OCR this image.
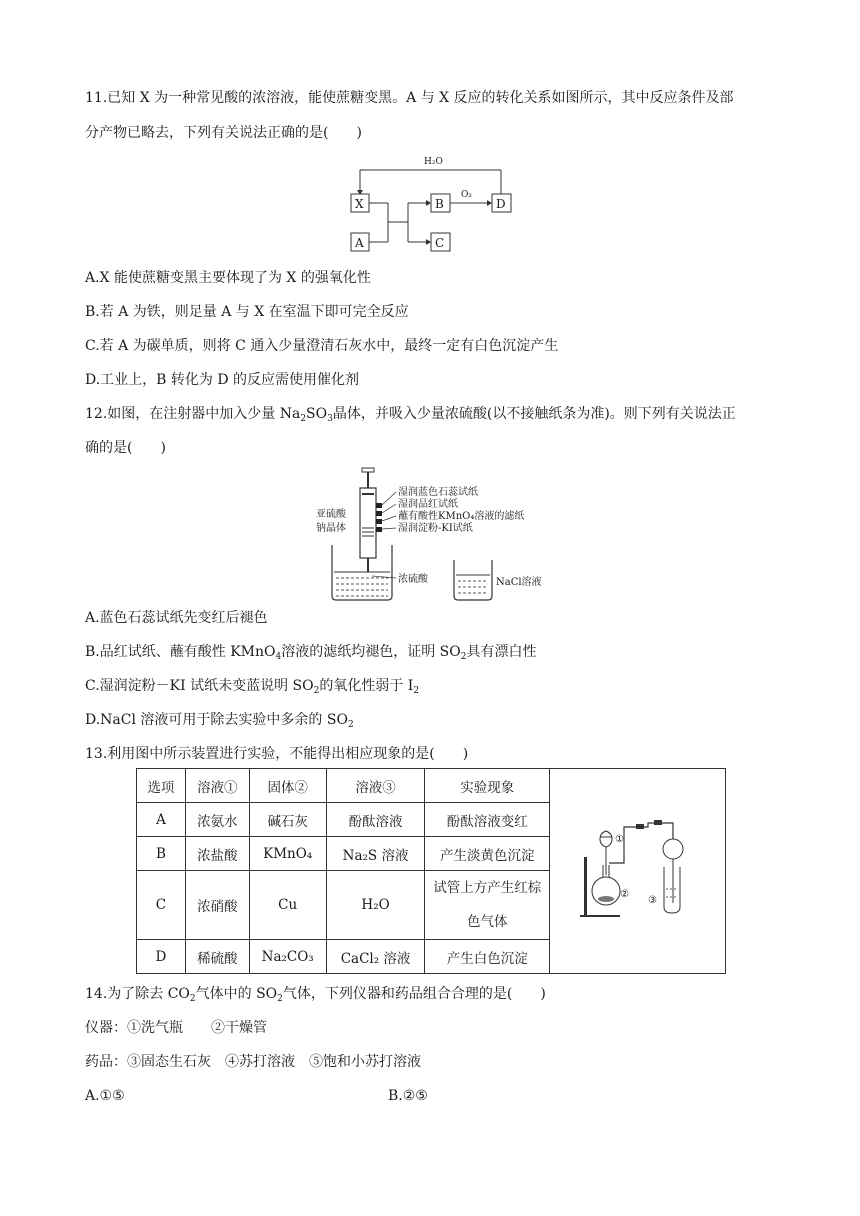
11.已知 X 为一种常见酸的浓溶液，能使蔗糖变黑。A 与 X 反应的转化关系如图所示，其中反应条件及部
分产物已略去，下列有关说法正确的是(　　)
H₂O
X
A
B
C
O₂
D
A.X 能使蔗糖变黑主要体现了为 X 的强氧化性
B.若 A 为铁，则足量 A 与 X 在室温下即可完全反应
C.若 A 为碳单质，则将 C 通入少量澄清石灰水中，最终一定有白色沉淀产生
D.工业上，B 转化为 D 的反应需使用催化剂
12.如图，在注射器中加入少量 $Na_2SO_3$晶体，并吸入少量浓硫酸(以不接触纸条为准)。则下列有关说法正
确的是(　　)
亚硫酸
钠晶体
湿润蓝色石蕊试纸
湿润品红试纸
蘸有酸性KMnO₄溶液的滤纸
湿润淀粉-KI试纸
浓硫酸	NaCl溶液
A.蓝色石蕊试纸先变红后褪色
B.品红试纸、蘸有酸性 KMnO$_4$溶液的滤纸均褪色，证明 $SO_2$具有漂白性
C.湿润淀粉－KI 试纸未变蓝说明 $SO_2$的氧化性弱于 $I_2$
D.NaCl 溶液可用于除去实验中多余的 $SO_2$
13.利用图中所示装置进行实验，不能得出相应现象的是(　　)
选项	溶液①	固体②	溶液③	实验现象	①
②
③

A	浓氨水	碱石灰	酚酞溶液	酚酞溶液变红	
B	浓盐酸	KMnO₄	Na₂S 溶液	产生淡黄色沉淀	
C	浓硝酸	Cu	H₂O	试管上方产生红棕
色气体	

D	稀硫酸	Na₂CO₃	CaCl₂ 溶液	产生白色沉淀	
14.为了除去 $CO_2$气体中的 $SO_2$气体，下列仪器和药品组合合理的是(　　)
仪器：①洗气瓶　　②干燥管
药品：③固态生石灰　④苏打溶液　⑤饱和小苏打溶液
A.①⑤	B.②⑤
